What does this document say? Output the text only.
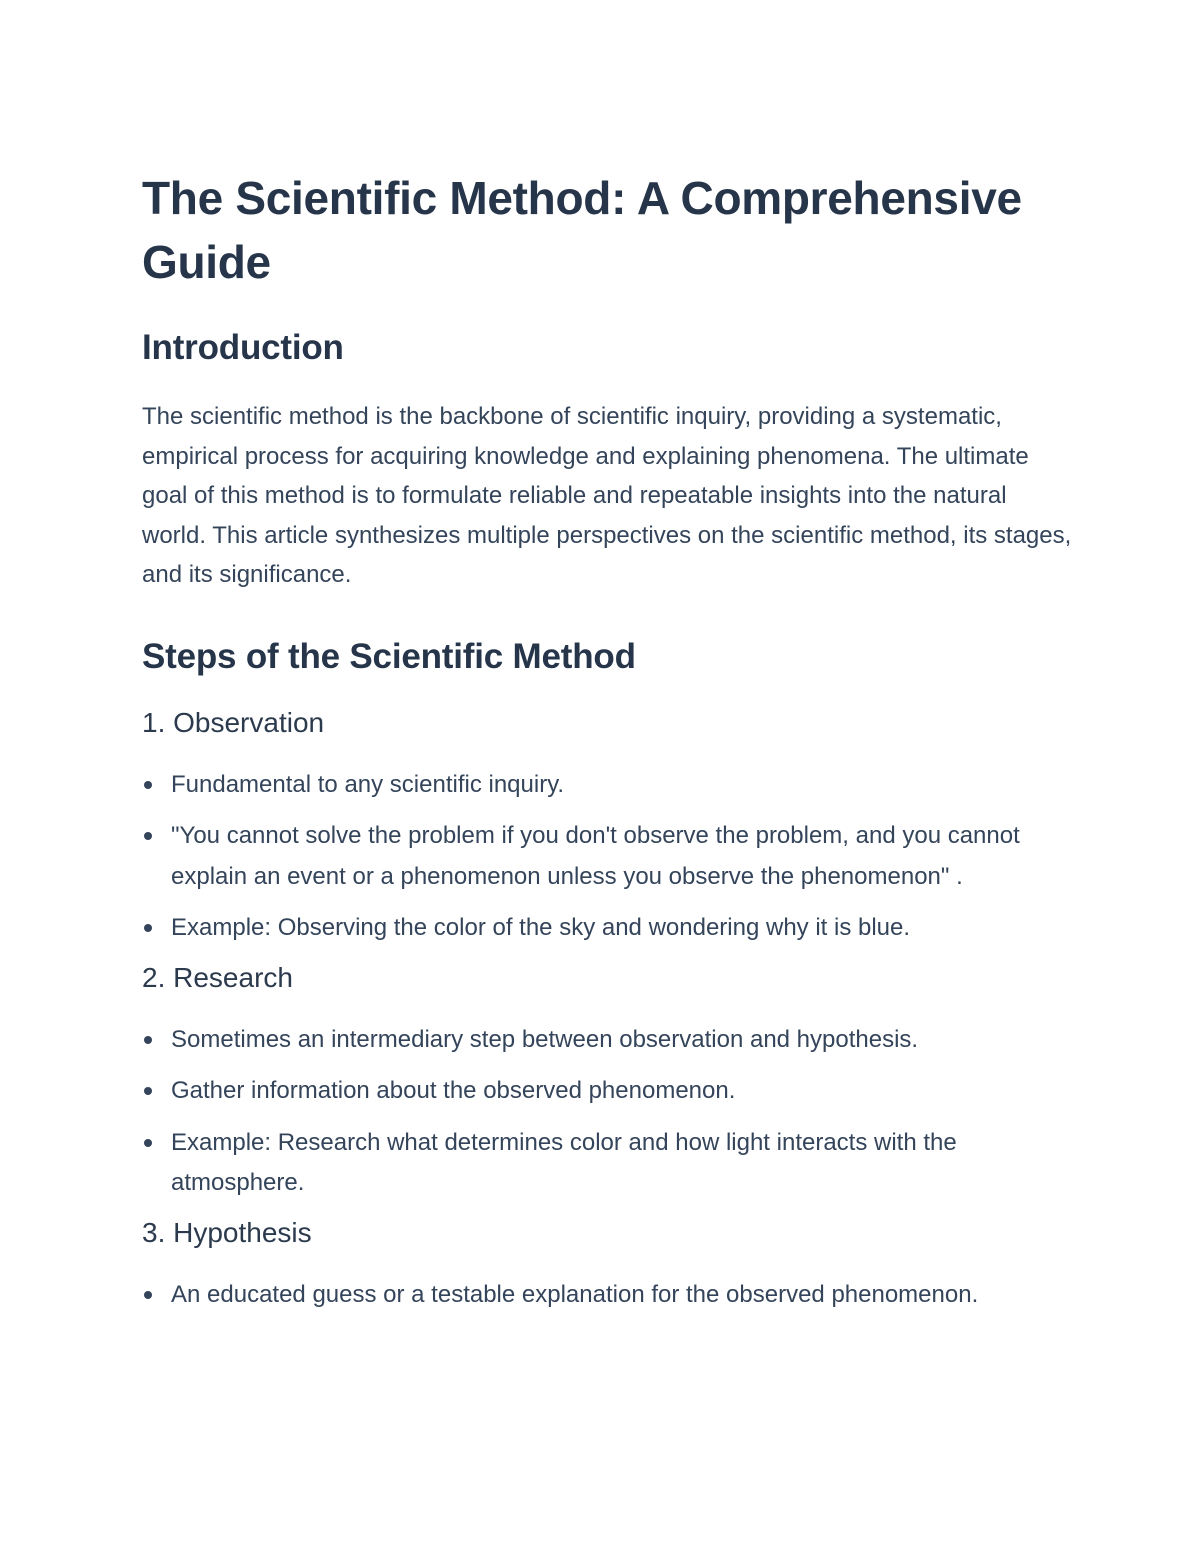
The Scientific Method: A Comprehensive Guide
Introduction

The scientific method is the backbone of scientific inquiry, providing a systematic, empirical process for acquiring knowledge and explaining phenomena. The ultimate goal of this method is to formulate reliable and repeatable insights into the natural world. This article synthesizes multiple perspectives on the scientific method, its stages, and its significance.

Steps of the Scientific Method
1. Observation
Fundamental to any scientific inquiry.
"You cannot solve the problem if you don't observe the problem, and you cannot explain an event or a phenomenon unless you observe the phenomenon" .
Example: Observing the color of the sky and wondering why it is blue.
2. Research
Sometimes an intermediary step between observation and hypothesis.
Gather information about the observed phenomenon.
Example: Research what determines color and how light interacts with the atmosphere.
3. Hypothesis
An educated guess or a testable explanation for the observed phenomenon.
